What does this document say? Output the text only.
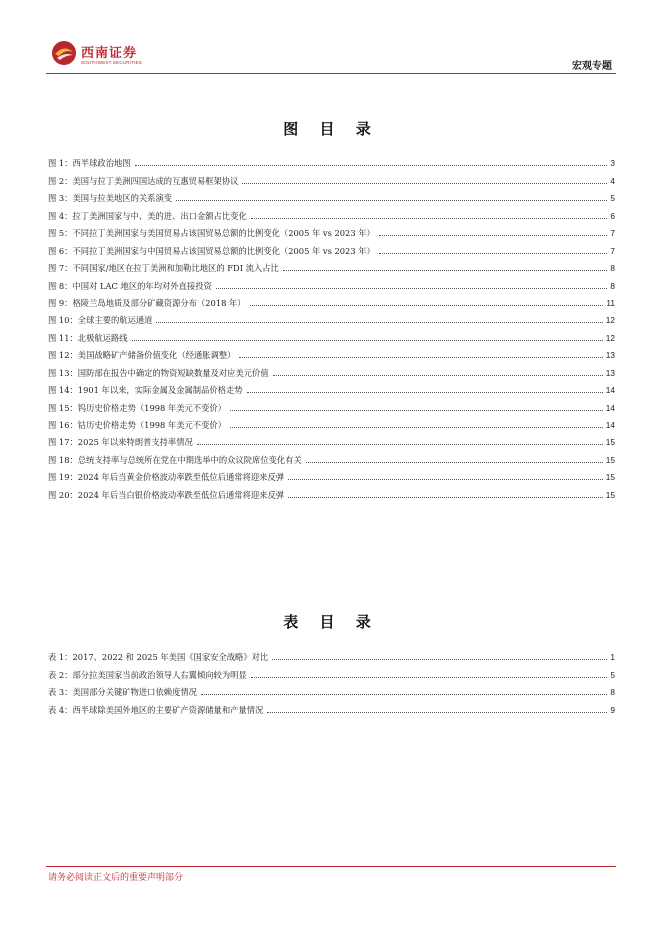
西南证券
SOUTHWEST SECURITIES	宏观专题
图 目 录
图 1：西半球政治地图	3
图 2：美国与拉丁美洲四国达成的互惠贸易框架协议	4
图 3：美国与拉美地区的关系演变	5
图 4：拉丁美洲国家与中、美的进、出口金额占比变化	6
图 5：不同拉丁美洲国家与美国贸易占该国贸易总额的比例变化（2005 年 vs 2023 年）	7
图 6：不同拉丁美洲国家与中国贸易占该国贸易总额的比例变化（2005 年 vs 2023 年）	7
图 7：不同国家/地区在拉丁美洲和加勒比地区的 FDI 流入占比	8
图 8：中国对 LAC 地区的年均对外直接投资	8
图 9：格陵兰岛地质及部分矿藏资源分布（2018 年）	11
图 10：全球主要的航运通道	12
图 11：北极航运路线	12
图 12：美国战略矿产储备价值变化（经通胀调整）	13
图 13：国防部在报告中确定的物资短缺数量及对应美元价值	13
图 14：1901 年以来，实际金属及金属制品价格走势	14
图 15：钨历史价格走势（1998 年美元不变价）	14
图 16：钴历史价格走势（1998 年美元不变价）	14
图 17：2025 年以来特朗普支持率情况	15
图 18：总统支持率与总统所在党在中期选举中的众议院席位变化有关	15
图 19：2024 年后当黄金价格波动率跌至低位后通常将迎来反弹	15
图 20：2024 年后当白银价格波动率跌至低位后通常将迎来反弹	15
表 目 录
表 1：2017、2022 和 2025 年美国《国家安全战略》对比	1
表 2：部分拉美国家当前政治领导人右翼倾向较为明显	5
表 3：美国部分关键矿物进口依赖度情况	8
表 4：西半球除美国外地区的主要矿产资源储量和产量情况	9
请务必阅读正文后的重要声明部分
